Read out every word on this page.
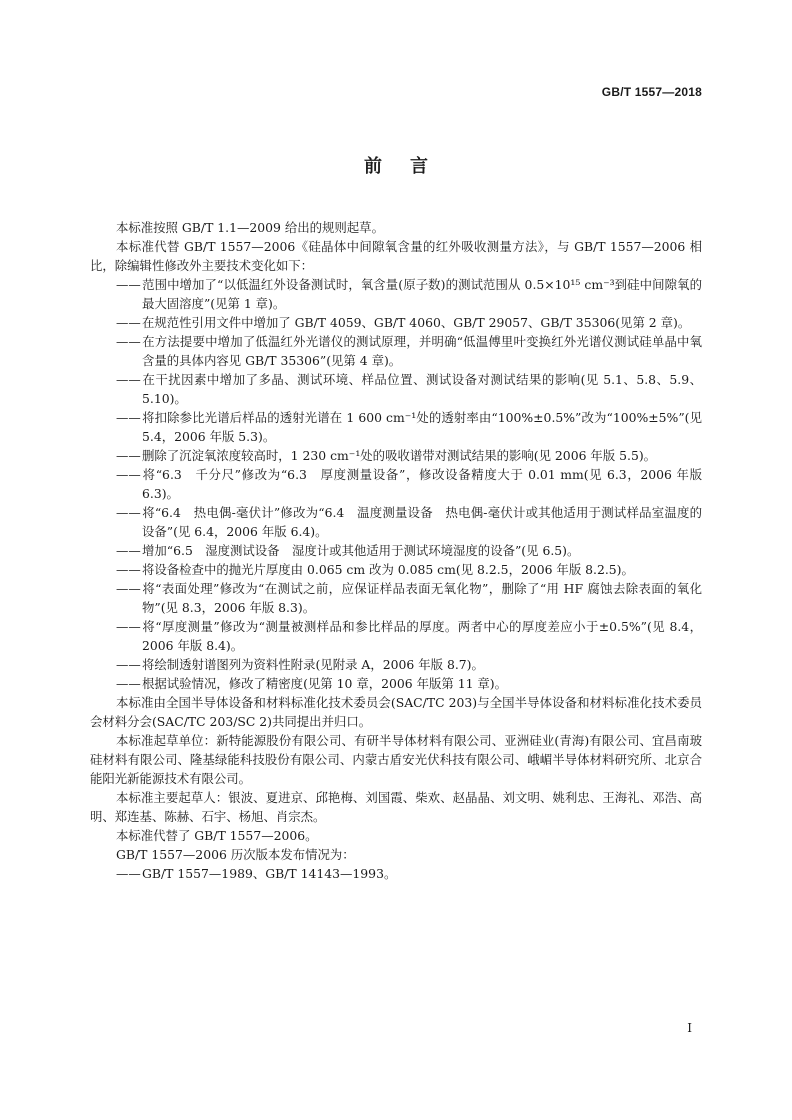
GB/T 1557—2018
前言

本标准按照 GB/T 1.1—2009 给出的规则起草。

本标准代替 GB/T 1557—2006《硅晶体中间隙氧含量的红外吸收测量方法》，与 GB/T 1557—2006 相比，除编辑性修改外主要技术变化如下：

——范围中增加了“以低温红外设备测试时，氧含量(原子数)的测试范围从 0.5×10¹⁵ cm⁻³到硅中间隙氧的最大固溶度”(见第 1 章)。

——在规范性引用文件中增加了 GB/T 4059、GB/T 4060、GB/T 29057、GB/T 35306(见第 2 章)。

——在方法提要中增加了低温红外光谱仪的测试原理，并明确“低温傅里叶变换红外光谱仪测试硅单晶中氧含量的具体内容见 GB/T 35306”(见第 4 章)。

——在干扰因素中增加了多晶、测试环境、样品位置、测试设备对测试结果的影响(见 5.1、5.8、5.9、5.10)。

——将扣除参比光谱后样品的透射光谱在 1 600 cm⁻¹处的透射率由“100%±0.5%”改为“100%±5%”(见 5.4，2006 年版 5.3)。

——删除了沉淀氧浓度较高时，1 230 cm⁻¹处的吸收谱带对测试结果的影响(见 2006 年版 5.5)。

——将“6.3　千分尺”修改为“6.3　厚度测量设备”，修改设备精度大于 0.01 mm(见 6.3，2006 年版 6.3)。

——将“6.4　热电偶-毫伏计”修改为“6.4　温度测量设备　热电偶-毫伏计或其他适用于测试样品室温度的设备”(见 6.4，2006 年版 6.4)。

——增加“6.5　湿度测试设备　湿度计或其他适用于测试环境湿度的设备”(见 6.5)。

——将设备检查中的抛光片厚度由 0.065 cm 改为 0.085 cm(见 8.2.5，2006 年版 8.2.5)。

——将“表面处理”修改为“在测试之前，应保证样品表面无氧化物”，删除了“用 HF 腐蚀去除表面的氧化物”(见 8.3，2006 年版 8.3)。

——将“厚度测量”修改为“测量被测样品和参比样品的厚度。两者中心的厚度差应小于±0.5%”(见 8.4，2006 年版 8.4)。

——将绘制透射谱图列为资料性附录(见附录 A，2006 年版 8.7)。

——根据试验情况，修改了精密度(见第 10 章，2006 年版第 11 章)。

本标准由全国半导体设备和材料标准化技术委员会(SAC/TC 203)与全国半导体设备和材料标准化技术委员会材料分会(SAC/TC 203/SC 2)共同提出并归口。

本标准起草单位：新特能源股份有限公司、有研半导体材料有限公司、亚洲硅业(青海)有限公司、宜昌南玻硅材料有限公司、隆基绿能科技股份有限公司、内蒙古盾安光伏科技有限公司、峨嵋半导体材料研究所、北京合能阳光新能源技术有限公司。

本标准主要起草人：银波、夏进京、邱艳梅、刘国霞、柴欢、赵晶晶、刘文明、姚利忠、王海礼、邓浩、高明、郑连基、陈赫、石宇、杨旭、肖宗杰。

本标准代替了 GB/T 1557—2006。

GB/T 1557—2006 历次版本发布情况为：

——GB/T 1557—1989、GB/T 14143—1993。

I
